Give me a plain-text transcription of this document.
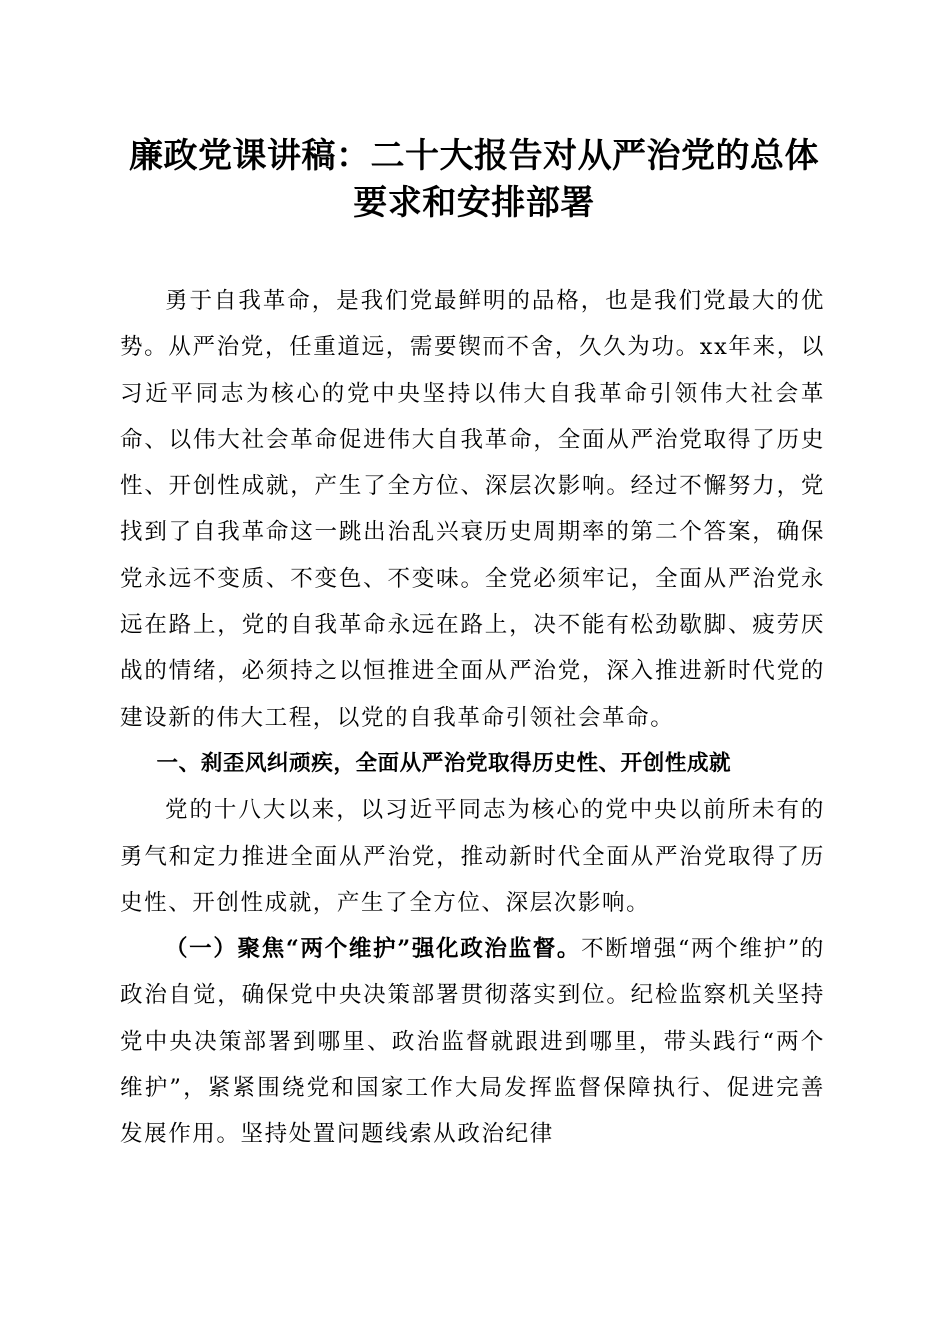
廉政党课讲稿：二十大报告对从严治党的总体要求和安排部署

勇于自我革命，是我们党最鲜明的品格，也是我们党最大的优势。从严治党，任重道远，需要锲而不舍，久久为功。xx年来，以习近平同志为核心的党中央坚持以伟大自我革命引领伟大社会革命、以伟大社会革命促进伟大自我革命，全面从严治党取得了历史性、开创性成就，产生了全方位、深层次影响。经过不懈努力，党找到了自我革命这一跳出治乱兴衰历史周期率的第二个答案，确保党永远不变质、不变色、不变味。全党必须牢记，全面从严治党永远在路上，党的自我革命永远在路上，决不能有松劲歇脚、疲劳厌战的情绪，必须持之以恒推进全面从严治党，深入推进新时代党的建设新的伟大工程，以党的自我革命引领社会革命。

一、刹歪风纠顽疾，全面从严治党取得历史性、开创性成就

党的十八大以来，以习近平同志为核心的党中央以前所未有的勇气和定力推进全面从严治党，推动新时代全面从严治党取得了历史性、开创性成就，产生了全方位、深层次影响。

（一）聚焦“两个维护”强化政治监督。不断增强“两个维护”的政治自觉，确保党中央决策部署贯彻落实到位。纪检监察机关坚持党中央决策部署到哪里、政治监督就跟进到哪里，带头践行“两个维护”，紧紧围绕党和国家工作大局发挥监督保障执行、促进完善发展作用。坚持处置问题线索从政治纪律
